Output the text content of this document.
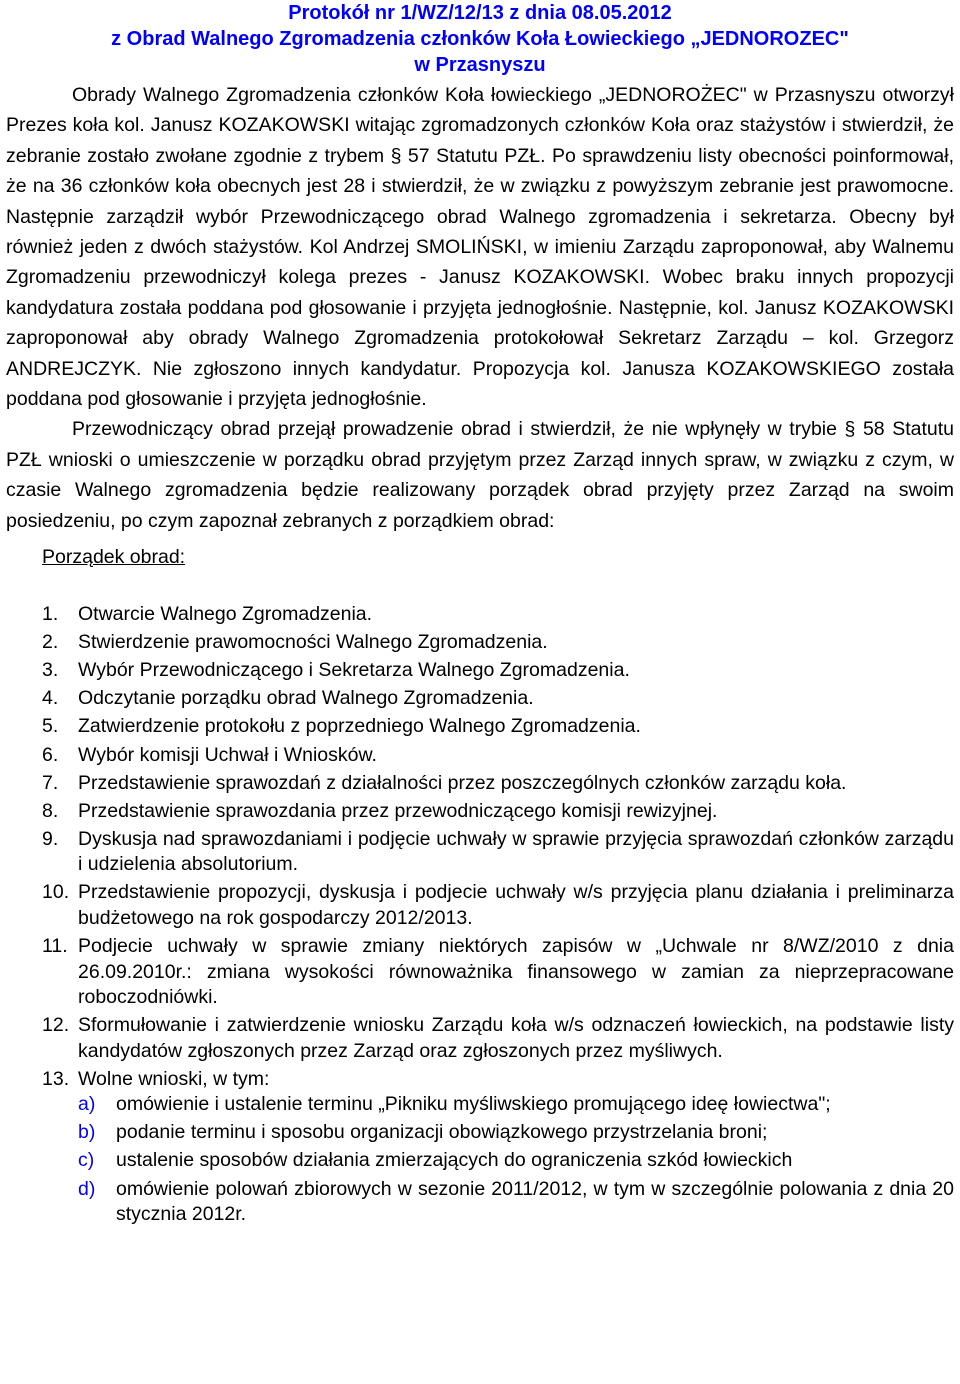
Protokół nr 1/WZ/12/13 z dnia 08.05.2012
z Obrad Walnego Zgromadzenia członków Koła Łowieckiego „JEDNOROZEC"
w Przasnyszu

Obrady Walnego Zgromadzenia członków Koła łowieckiego „JEDNOROŻEC" w Przasnyszu otworzył Prezes koła kol. Janusz KOZAKOWSKI witając zgromadzonych członków Koła oraz stażystów i stwierdził, że zebranie zostało zwołane zgodnie z trybem § 57 Statutu PZŁ. Po sprawdzeniu listy obecności poinformował, że na 36 członków koła obecnych jest 28 i stwierdził, że w związku z powyższym zebranie jest prawomocne. Następnie zarządził wybór Przewodniczącego obrad Walnego zgromadzenia i sekretarza. Obecny był również jeden z dwóch stażystów. Kol Andrzej SMOLIŃSKI, w imieniu Zarządu zaproponował, aby Walnemu Zgromadzeniu przewodniczył kolega prezes - Janusz KOZAKOWSKI. Wobec braku innych propozycji kandydatura została poddana pod głosowanie i przyjęta jednogłośnie. Następnie, kol. Janusz KOZAKOWSKI zaproponował aby obrady Walnego Zgromadzenia protokołował Sekretarz Zarządu – kol. Grzegorz ANDREJCZYK. Nie zgłoszono innych kandydatur. Propozycja kol. Janusza KOZAKOWSKIEGO została poddana pod głosowanie i przyjęta jednogłośnie.

Przewodniczący obrad przejął prowadzenie obrad i stwierdził, że nie wpłynęły w trybie § 58 Statutu PZŁ wnioski o umieszczenie w porządku obrad przyjętym przez Zarząd innych spraw, w związku z czym, w czasie Walnego zgromadzenia będzie realizowany porządek obrad przyjęty przez Zarząd na swoim posiedzeniu, po czym zapoznał zebranych z porządkiem obrad:

Porządek obrad:
1. Otwarcie Walnego Zgromadzenia.
2. Stwierdzenie prawomocności Walnego Zgromadzenia.
3. Wybór Przewodniczącego i Sekretarza Walnego Zgromadzenia.
4. Odczytanie porządku obrad Walnego Zgromadzenia.
5. Zatwierdzenie protokołu z poprzedniego Walnego Zgromadzenia.
6. Wybór komisji Uchwał i Wniosków.
7. Przedstawienie sprawozdań z działalności przez poszczególnych członków zarządu koła.
8. Przedstawienie sprawozdania przez przewodniczącego komisji rewizyjnej.
9. Dyskusja nad sprawozdaniami i podjęcie uchwały w sprawie przyjęcia sprawozdań członków zarządu i udzielenia absolutorium.
10. Przedstawienie propozycji, dyskusja i podjecie uchwały w/s przyjęcia planu działania i preliminarza budżetowego na rok gospodarczy 2012/2013.
11. Podjecie uchwały w sprawie zmiany niektórych zapisów w „Uchwale nr 8/WZ/2010 z dnia 26.09.2010r.: zmiana wysokości równoważnika finansowego w zamian za nieprzepracowane roboczodniówki.
12. Sformułowanie i zatwierdzenie wniosku Zarządu koła w/s odznaczeń łowieckich, na podstawie listy kandydatów zgłoszonych przez Zarząd oraz zgłoszonych przez myśliwych.
13. Wolne wnioski, w tym:
a) omówienie i ustalenie terminu „Pikniku myśliwskiego promującego ideę łowiectwa";
b) podanie terminu i sposobu organizacji obowiązkowego przystrzelania broni;
c) ustalenie sposobów działania zmierzających do ograniczenia szkód łowieckich
d) omówienie polowań zbiorowych w sezonie 2011/2012, w tym w szczególnie polowania z dnia 20 stycznia 2012r.
